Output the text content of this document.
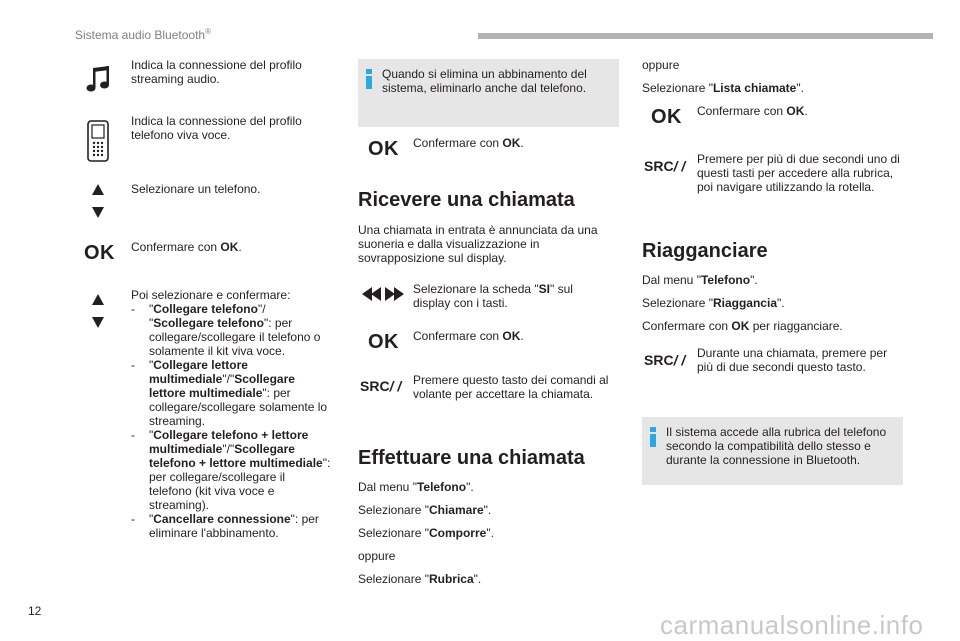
Sistema audio Bluetooth®
Indica la connessione del profilo streaming audio.
Indica la connessione del profilo telefono viva voce.
Selezionare un telefono.
OK Confermare con OK.
Poi selezionare e confermare:
- "Collegare telefono"/
"Scollegare telefono": per collegare/scollegare il telefono o solamente il kit viva voce.
- "Collegare lettore multimediale"/"Scollegare lettore multimediale": per collegare/scollegare solamente lo streaming.
- "Collegare telefono + lettore multimediale"/"Scollegare telefono + lettore multimediale": per collegare/scollegare il telefono (kit viva voce e streaming).
- "Cancellare connessione": per eliminare l'abbinamento.
Quando si elimina un abbinamento del sistema, eliminarlo anche dal telefono.
OK Confermare con OK.
Ricevere una chiamata
Una chiamata in entrata è annunciata da una suoneria e dalla visualizzazione in sovrapposizione sul display.
Selezionare la scheda "SI" sul display con i tasti.
OK Confermare con OK.
SRC/ / Premere questo tasto dei comandi al volante per accettare la chiamata.
Effettuare una chiamata
Dal menu "Telefono".
Selezionare "Chiamare".
Selezionare "Comporre".
oppure
Selezionare "Rubrica".
oppure
Selezionare "Lista chiamate".
OK Confermare con OK.
SRC/ / Premere per più di due secondi uno di questi tasti per accedere alla rubrica, poi navigare utilizzando la rotella.
Riagganciare
Dal menu "Telefono".
Selezionare "Riaggancia".
Confermare con OK per riagganciare.
SRC/ / Durante una chiamata, premere per più di due secondi questo tasto.
Il sistema accede alla rubrica del telefono secondo la compatibilità dello stesso e durante la connessione in Bluetooth.
12	carmanualsonline.info
